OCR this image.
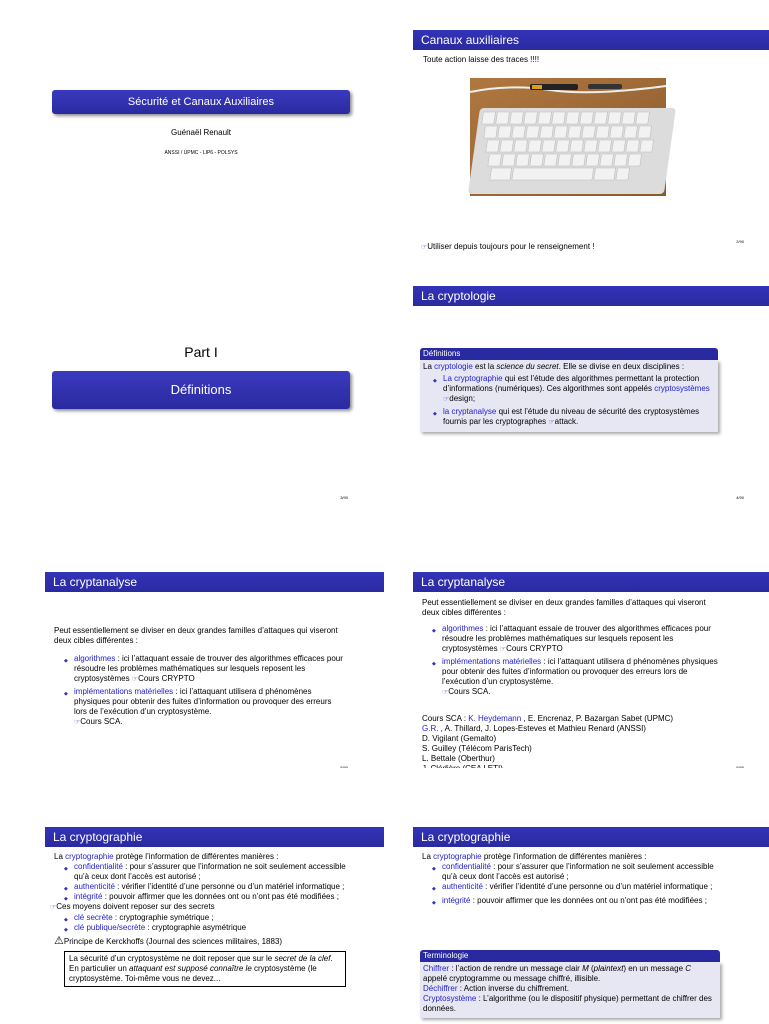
Sécurité et Canaux Auxiliaires
Guénaël Renault
ANSSI / UPMC - LIP6 - POLSYS
Canaux auxiliaires
Toute action laisse des traces !!!!
☞Utiliser depuis toujours pour le renseignement !
2/90
Part I
Définitions
3/90
La cryptologie
Définitions
La cryptologie est la science du secret. Elle se divise en deux disciplines :
◆ La cryptographie qui est l’étude des algorithmes permettant la protection d’informations (numériques). Ces algorithmes sont appelés cryptosystèmes ☞design;
◆ la cryptanalyse qui est l’étude du niveau de sécurité des cryptosystèmes fournis par les cryptographes ☞attack.
4/90
La cryptanalyse
Peut essentiellement se diviser en deux grandes familles d’attaques qui viseront deux cibles différentes :
◆ algorithmes : ici l’attaquant essaie de trouver des algorithmes efficaces pour résoudre les problèmes mathématiques sur lesquels reposent les cryptosystèmes ☞Cours CRYPTO
◆ implémentations matérielles : ici l’attaquant utilisera d phénomènes physiques pour obtenir des fuites d’information ou provoquer des erreurs lors de l’exécution d’un cryptosystème.
☞Cours SCA.
La cryptanalyse
Peut essentiellement se diviser en deux grandes familles d’attaques qui viseront deux cibles différentes :
◆ algorithmes : ici l’attaquant essaie de trouver des algorithmes efficaces pour résoudre les problèmes mathématiques sur lesquels reposent les cryptosystèmes ☞Cours CRYPTO
◆ implémentations matérielles : ici l’attaquant utilisera d phénomènes physiques pour obtenir des fuites d’information ou provoquer des erreurs lors de l’exécution d’un cryptosystème.
☞Cours SCA.
Cours SCA : K. Heydemann , E. Encrenaz, P. Bazargan Sabet (UPMC)
G.R. , A. Thillard, J. Lopes-Esteves et Mathieu Renard (ANSSI)
D. Vigilant (Gemalto)
S. Guilley (Télécom ParisTech)
L. Bettale (Oberthur)
La cryptographie
La cryptographie protège l’information de différentes manières :
◆ confidentialité : pour s’assurer que l’information ne soit seulement accessible qu’à ceux dont l’accès est autorisé ;
◆ authenticité : vérifier l’identité d’une personne ou d’un matériel informatique ;
◆ intégrité : pouvoir affirmer que les données ont ou n’ont pas été modifiées ;
☞Ces moyens doivent reposer sur des secrets
◆ clé secrète : cryptographie symétrique ;
◆ clé publique/secrète : cryptographie asymétrique
⚠Principe de Kerckhoffs (Journal des sciences militaires, 1883)
La sécurité d’un cryptosystème ne doit reposer que sur le secret de la clef. En particulier un attaquant est supposé connaître le cryptosystème (le cryptosystème. Toi-même vous ne devez...
La cryptographie
La cryptographie protège l’information de différentes manières :
◆ confidentialité : pour s’assurer que l’information ne soit seulement accessible qu’à ceux dont l’accès est autorisé ;
◆ authenticité : vérifier l’identité d’une personne ou d’un matériel informatique ;
◆ intégrité : pouvoir affirmer que les données ont ou n’ont pas été modifiées ;
Terminologie
Chiffrer : l’action de rendre un message clair M (plaintext) en un message C appelé cryptogramme ou message chiffré, illisible.
Déchiffrer : Action inverse du chiffrement.
Cryptosystème : L’algorithme (ou le dispositif physique) permettant de chiffrer des données.
